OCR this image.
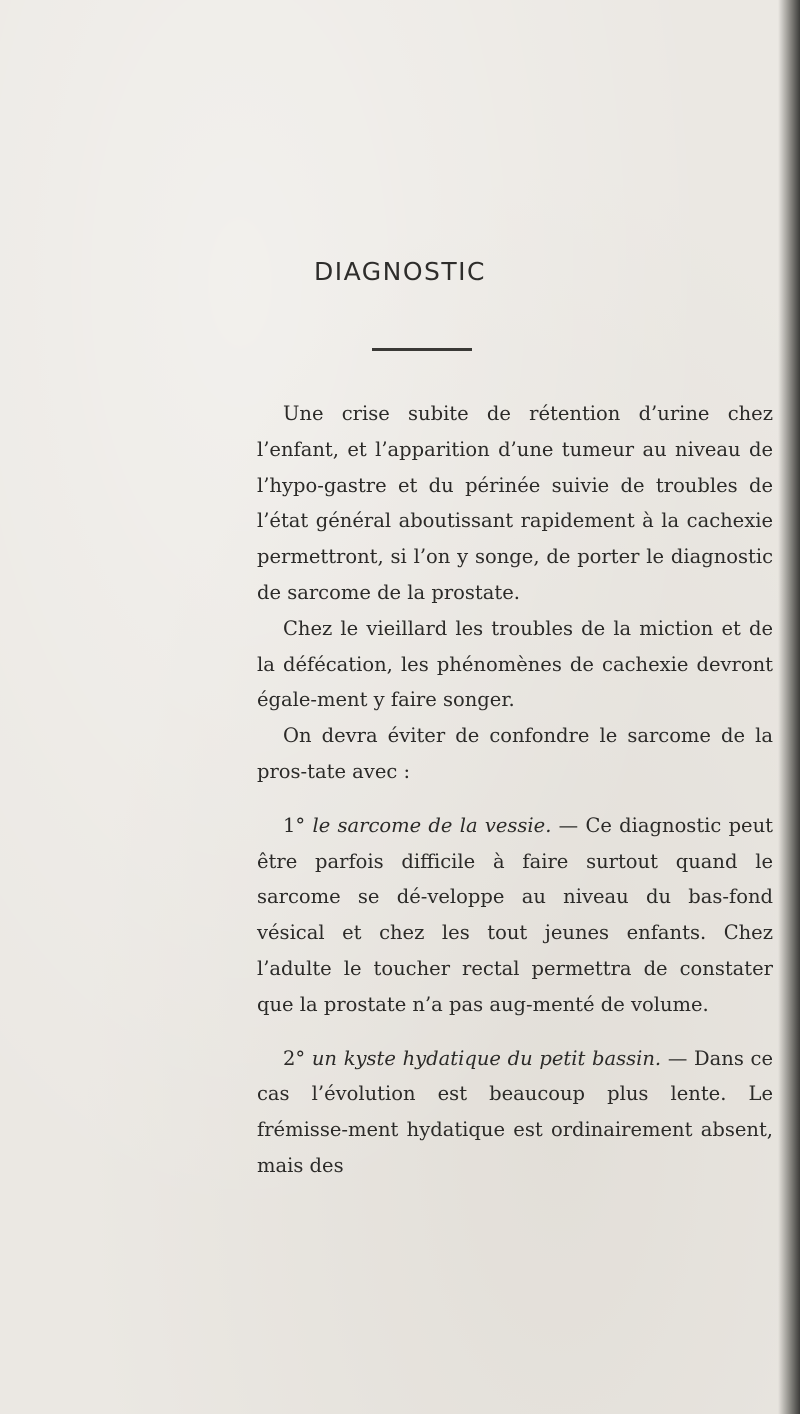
DIAGNOSTIC

Une crise subite de rétention d’urine chez l’enfant, et l’apparition d’une tumeur au niveau de l’hypo-gastre et du périnée suivie de troubles de l’état général aboutissant rapidement à la cachexie permettront, si l’on y songe, de porter le diagnostic de sarcome de la prostate.

Chez le vieillard les troubles de la miction et de la défécation, les phénomènes de cachexie devront égale-ment y faire songer.

On devra éviter de confondre le sarcome de la pros-tate avec :

1° le sarcome de la vessie. — Ce diagnostic peut être parfois difficile à faire surtout quand le sarcome se dé-veloppe au niveau du bas-fond vésical et chez les tout jeunes enfants. Chez l’adulte le toucher rectal permettra de constater que la prostate n’a pas aug-menté de volume.

2° un kyste hydatique du petit bassin. — Dans ce cas l’évolution est beaucoup plus lente. Le frémisse-ment hydatique est ordinairement absent, mais des
